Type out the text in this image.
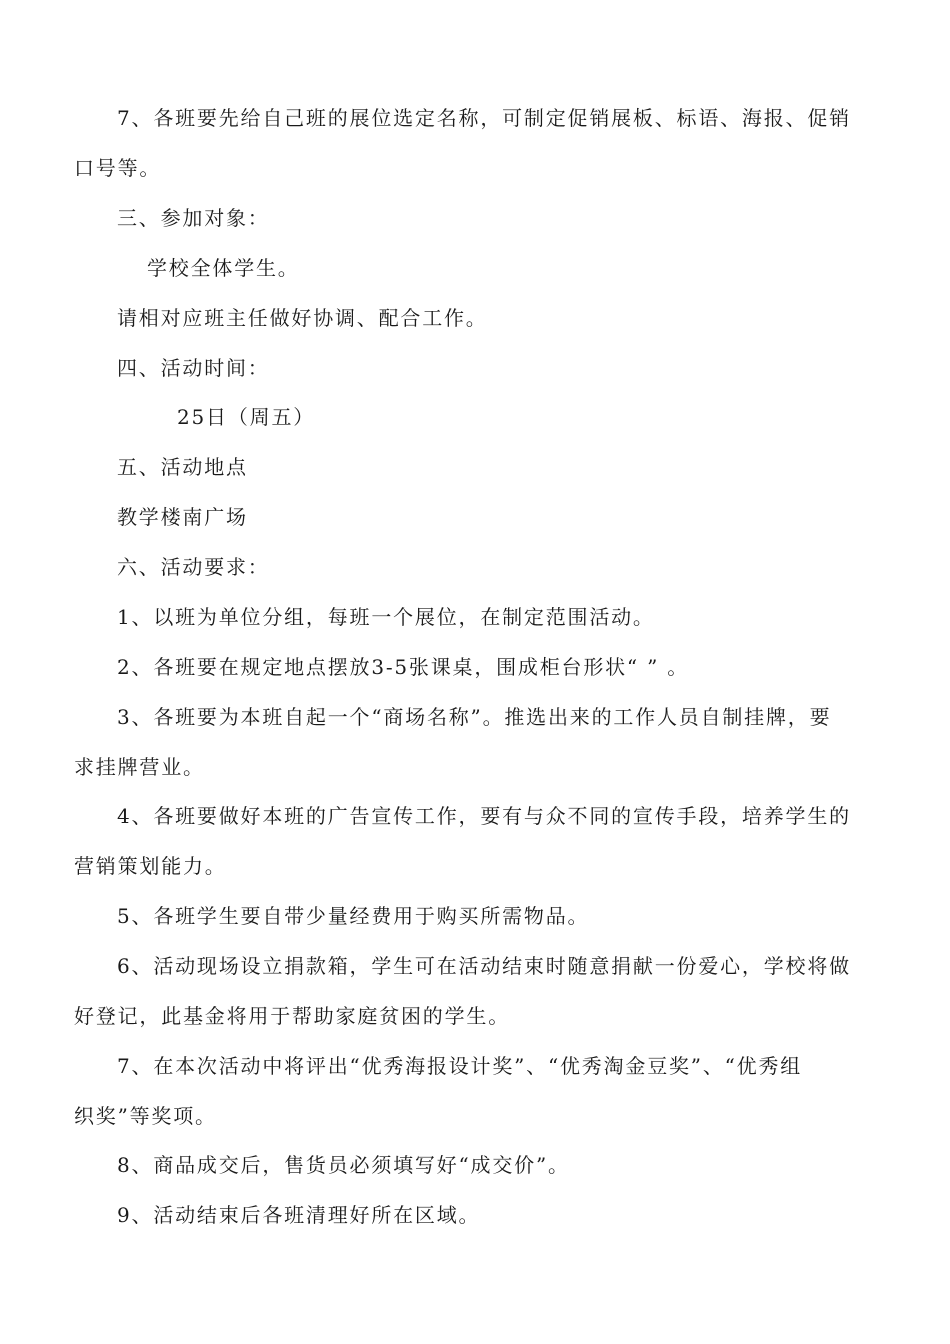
7、各班要先给自己班的展位选定名称，可制定促销展板、标语、海报、促销
口号等。
三、参加对象：
学校全体学生。
请相对应班主任做好协调、配合工作。
四、活动时间：
25日（周五）
五、活动地点
教学楼南广场
六、活动要求：
1、以班为单位分组，每班一个展位，在制定范围活动。
2、各班要在规定地点摆放3-5张课桌，围成柜台形状“ ” 。
3、各班要为本班自起一个“商场名称”。推选出来的工作人员自制挂牌，要
求挂牌营业。
4、各班要做好本班的广告宣传工作，要有与众不同的宣传手段，培养学生的
营销策划能力。
5、各班学生要自带少量经费用于购买所需物品。
6、活动现场设立捐款箱，学生可在活动结束时随意捐献一份爱心，学校将做
好登记，此基金将用于帮助家庭贫困的学生。
7、在本次活动中将评出“优秀海报设计奖”、“优秀淘金豆奖”、“优秀组
织奖”等奖项。
8、商品成交后，售货员必须填写好“成交价”。
9、活动结束后各班清理好所在区域。
